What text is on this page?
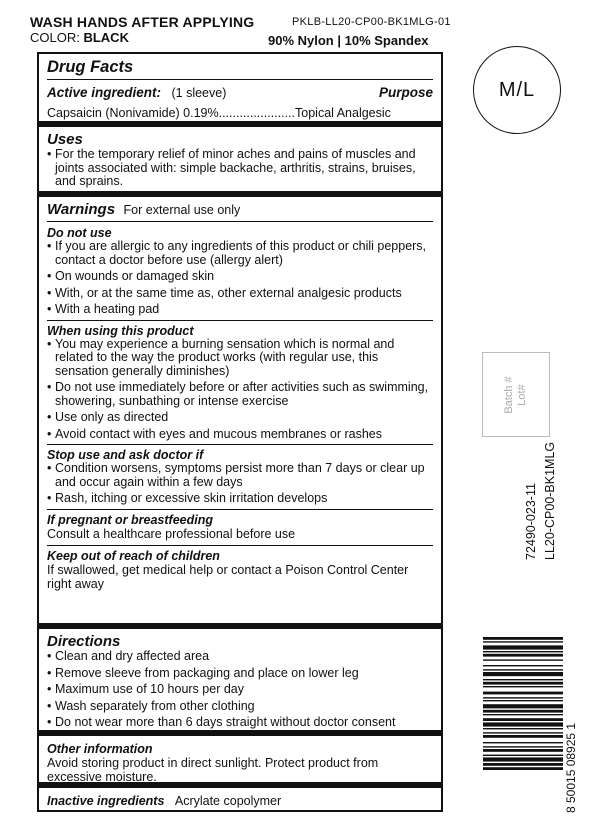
WASH HANDS AFTER APPLYING
COLOR: BLACK
PKLB-LL20-CP00-BK1MLG-01
90% Nylon | 10% Spandex
Drug Facts
Active ingredient: (1 sleeve)	Purpose
Capsaicin (Nonivamide) 0.19%......................Topical Analgesic
Uses
• For the temporary relief of minor aches and pains of muscles and joints associated with: simple backache, arthritis, strains, bruises, and sprains.
Warnings For external use only
Do not use
• If you are allergic to any ingredients of this product or chili peppers, contact a doctor before use (allergy alert)
• On wounds or damaged skin
• With, or at the same time as, other external analgesic products
• With a heating pad
When using this product
• You may experience a burning sensation which is normal and related to the way the product works (with regular use, this sensation generally diminishes)
• Do not use immediately before or after activities such as swimming, showering, sunbathing or intense exercise
• Use only as directed
• Avoid contact with eyes and mucous membranes or rashes
Stop use and ask doctor if
• Condition worsens, symptoms persist more than 7 days or clear up and occur again within a few days
• Rash, itching or excessive skin irritation develops
If pregnant or breastfeeding
Consult a healthcare professional before use
Keep out of reach of children
If swallowed, get medical help or contact a Poison Control Center right away
Directions
• Clean and dry affected area
• Remove sleeve from packaging and place on lower leg
• Maximum use of 10 hours per day
• Wash separately from other clothing
• Do not wear more than 6 days straight without doctor consent
Other information
Avoid storing product in direct sunlight. Protect product from excessive moisture.
Inactive ingredients Acrylate copolymer
M/L
Batch # Lot#
72490-023-11 LL20-CP00-BK1MLG
8 50015 08925 1
